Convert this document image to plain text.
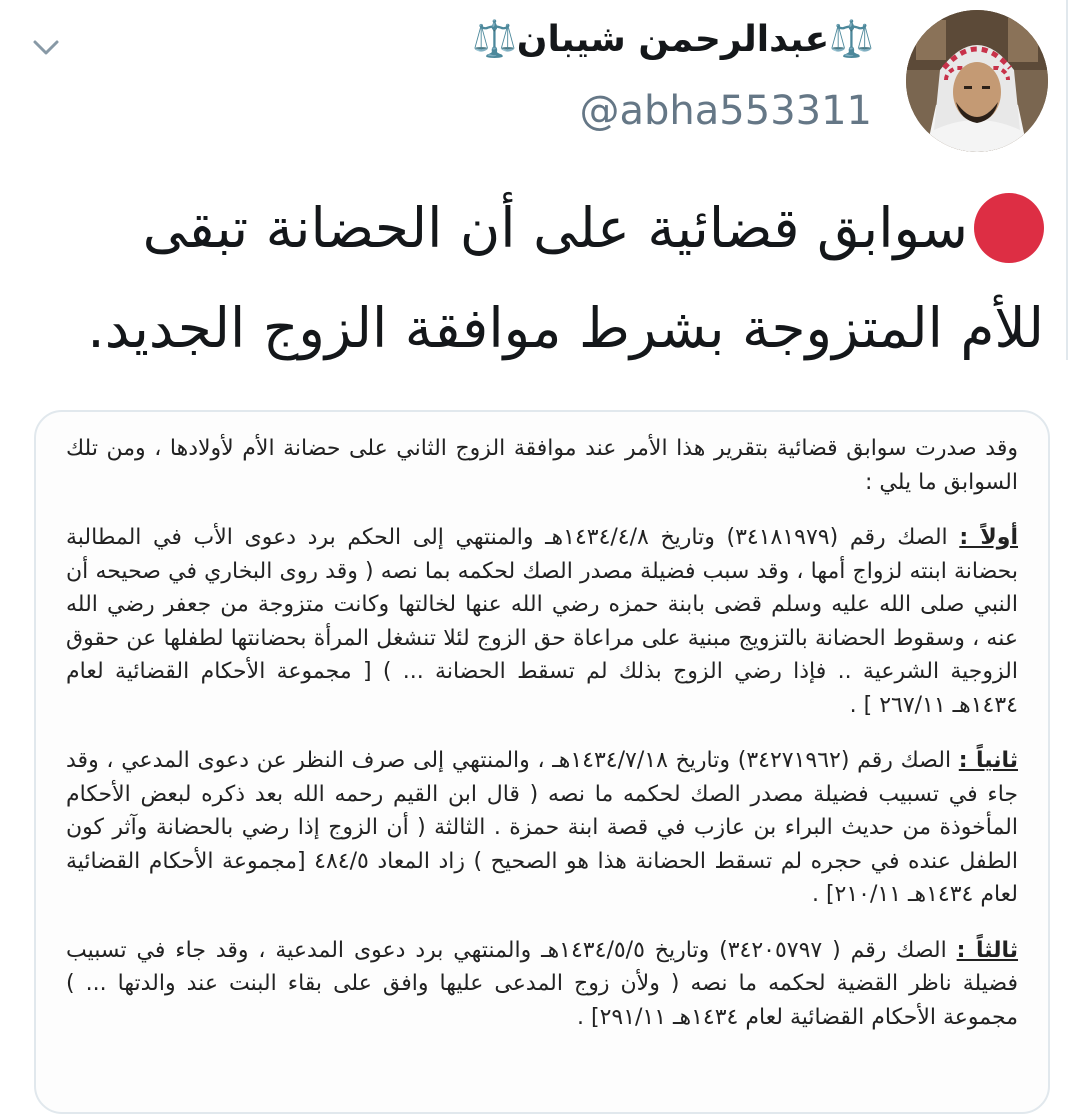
⚖️عبدالرحمن شيبان⚖️
@abha553311
سوابق قضائية على أن الحضانة تبقى للأم المتزوجة بشرط موافقة الزوج الجديد.

وقد صدرت سوابق قضائية بتقرير هذا الأمر عند موافقة الزوج الثاني على حضانة الأم لأولادها ، ومن تلك السوابق ما يلي :

أولاً : الصك رقم (٣٤١٨١٩٧٩) وتاريخ ١٤٣٤/٤/٨هـ والمنتهي إلى الحكم برد دعوى الأب في المطالبة بحضانة ابنته لزواج أمها ، وقد سبب فضيلة مصدر الصك لحكمه بما نصه ( وقد روى البخاري في صحيحه أن النبي صلى الله عليه وسلم قضى بابنة حمزه رضي الله عنها لخالتها وكانت متزوجة من جعفر رضي الله عنه ، وسقوط الحضانة بالتزويج مبنية على مراعاة حق الزوج لئلا تنشغل المرأة بحضانتها لطفلها عن حقوق الزوجية الشرعية .. فإذا رضي الزوج بذلك لم تسقط الحضانة ... ) [ مجموعة الأحكام القضائية لعام ١٤٣٤هـ ٢٦٧/١١ ] .

ثانياً : الصك رقم (٣٤٢٧١٩٦٢) وتاريخ ١٤٣٤/٧/١٨هـ ، والمنتهي إلى صرف النظر عن دعوى المدعي ، وقد جاء في تسبيب فضيلة مصدر الصك لحكمه ما نصه ( قال ابن القيم رحمه الله بعد ذكره لبعض الأحكام المأخوذة من حديث البراء بن عازب في قصة ابنة حمزة . الثالثة ( أن الزوج إذا رضي بالحضانة وآثر كون الطفل عنده في حجره لم تسقط الحضانة هذا هو الصحيح ) زاد المعاد ٤٨٤/٥ [مجموعة الأحكام القضائية لعام ١٤٣٤هـ ٢١٠/١١] .

ثالثاً : الصك رقم ( ٣٤٢٠٥٧٩٧) وتاريخ ١٤٣٤/٥/٥هـ والمنتهي برد دعوى المدعية ، وقد جاء في تسبيب فضيلة ناظر القضية لحكمه ما نصه ( ولأن زوج المدعى عليها وافق على بقاء البنت عند والدتها ... ) مجموعة الأحكام القضائية لعام ١٤٣٤هـ ٢٩١/١١] .
